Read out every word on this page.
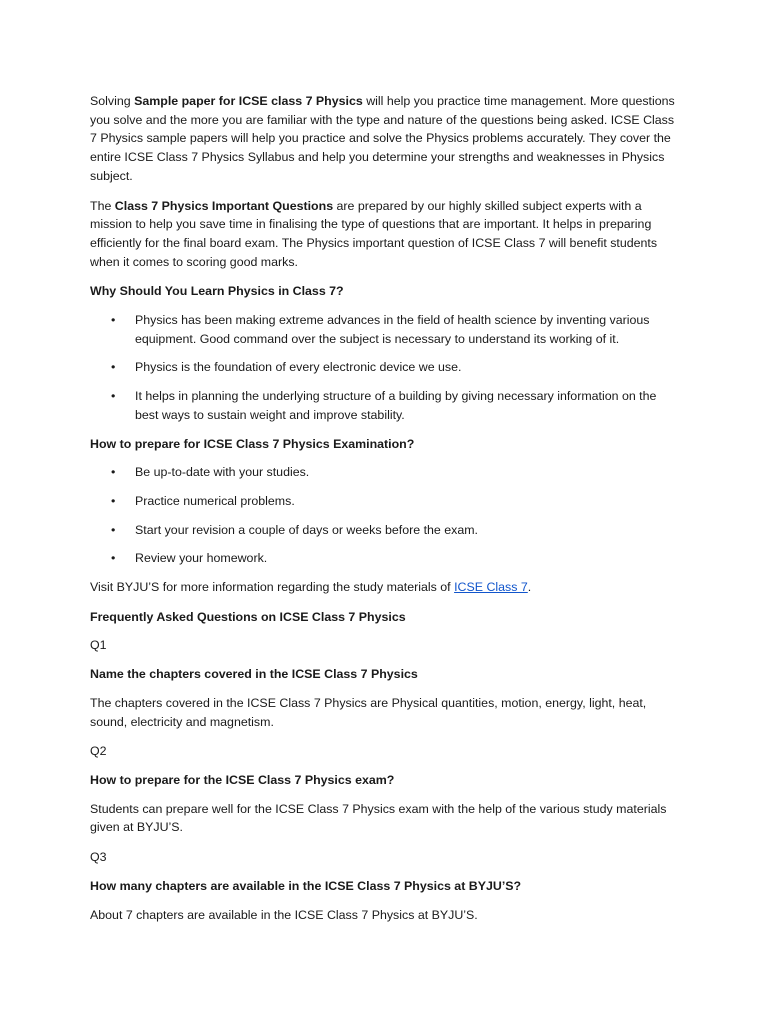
Solving Sample paper for ICSE class 7 Physics will help you practice time management. More questions you solve and the more you are familiar with the type and nature of the questions being asked. ICSE Class 7 Physics sample papers will help you practice and solve the Physics problems accurately. They cover the entire ICSE Class 7 Physics Syllabus and help you determine your strengths and weaknesses in Physics subject.

The Class 7 Physics Important Questions are prepared by our highly skilled subject experts with a mission to help you save time in finalising the type of questions that are important. It helps in preparing efficiently for the final board exam. The Physics important question of ICSE Class 7 will benefit students when it comes to scoring good marks.

Why Should You Learn Physics in Class 7?

• Physics has been making extreme advances in the field of health science by inventing various equipment. Good command over the subject is necessary to understand its working of it.
• Physics is the foundation of every electronic device we use.
• It helps in planning the underlying structure of a building by giving necessary information on the best ways to sustain weight and improve stability.

How to prepare for ICSE Class 7 Physics Examination?

• Be up-to-date with your studies.
• Practice numerical problems.
• Start your revision a couple of days or weeks before the exam.
• Review your homework.

Visit BYJU’S for more information regarding the study materials of ICSE Class 7.

Frequently Asked Questions on ICSE Class 7 Physics

Q1

Name the chapters covered in the ICSE Class 7 Physics

The chapters covered in the ICSE Class 7 Physics are Physical quantities, motion, energy, light, heat, sound, electricity and magnetism.

Q2

How to prepare for the ICSE Class 7 Physics exam?

Students can prepare well for the ICSE Class 7 Physics exam with the help of the various study materials given at BYJU’S.

Q3

How many chapters are available in the ICSE Class 7 Physics at BYJU’S?

About 7 chapters are available in the ICSE Class 7 Physics at BYJU’S.
